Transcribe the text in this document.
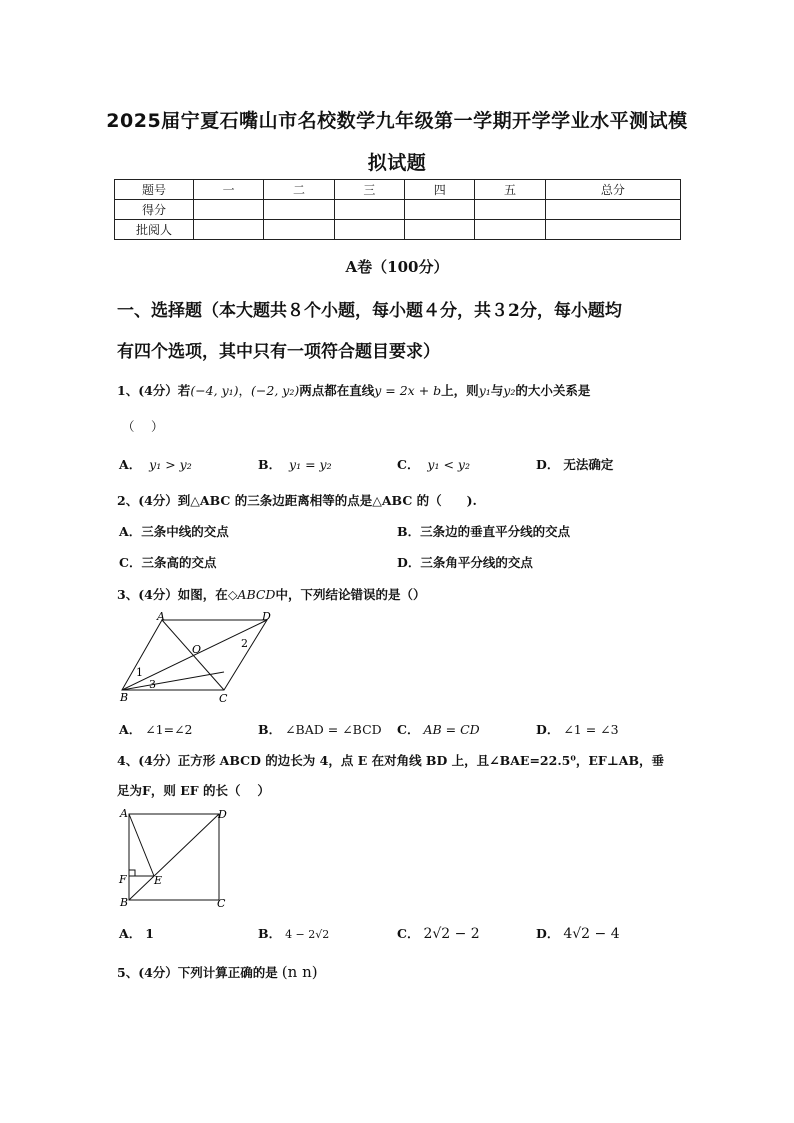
2025届宁夏石嘴山市名校数学九年级第一学期开学学业水平测试模
拟试题
题号	一	二	三	四	五	总分
得分						
批阅人						
A卷（100分）
一、选择题（本大题共８个小题，每小题４分，共３2分，每小题均
有四个选项，其中只有一项符合题目要求）
1、(4分）若(−4, y₁)，(−2, y₂)两点都在直线y = 2x + b上，则y₁与y₂的大小关系是
（　 ）
A． y₁ > y₂	B． y₁ = y₂	C． y₁ < y₂	D． 无法确定
2、(4分）到△ABC 的三条边距离相等的点是△ABC 的（　　).
A．三条中线的交点	B．三条边的垂直平分线的交点
C．三条高的交点	D．三条角平分线的交点
3、(4分）如图，在◇ABCD中，下列结论错误的是（）
A	D
O
B	C
2
1
3
A． ∠1=∠2	B． ∠BAD = ∠BCD C． AB = CD	D． ∠1 = ∠3
4、(4分）正方形 ABCD 的边长为 4，点 E 在对角线 BD 上，且∠BAE=22.5⁰，EF⊥AB，垂
足为F，则 EF 的长（　 ）
A	D
F E
B	C
A． 1	B． 4 − 2√2	C． 2√2 − 2	D． 4√2 − 4
5、(4分）下列计算正确的是 (n n)
